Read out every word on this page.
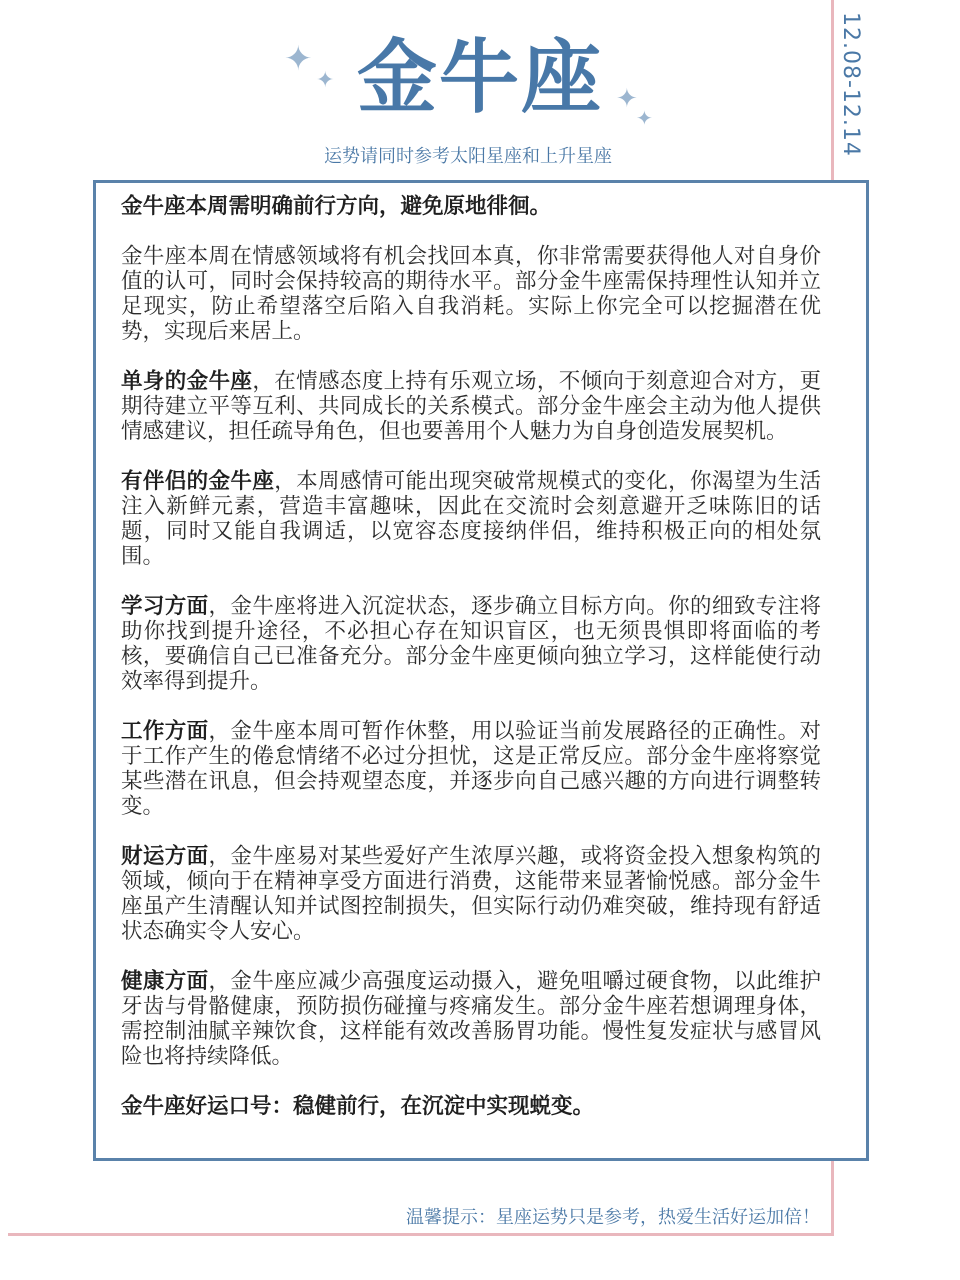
12.08-12.14
✦
✦
✦
✦
金牛座
运势请同时参考太阳星座和上升星座

金牛座本周需明确前行方向，避免原地徘徊。

金牛座本周在情感领域将有机会找回本真，你非常需要获得他人对自身价值的认可，同时会保持较高的期待水平。部分金牛座需保持理性认知并立足现实，防止希望落空后陷入自我消耗。实际上你完全可以挖掘潜在优势，实现后来居上。

单身的金牛座，在情感态度上持有乐观立场，不倾向于刻意迎合对方，更期待建立平等互利、共同成长的关系模式。部分金牛座会主动为他人提供情感建议，担任疏导角色，但也要善用个人魅力为自身创造发展契机。

有伴侣的金牛座，本周感情可能出现突破常规模式的变化，你渴望为生活注入新鲜元素，营造丰富趣味，因此在交流时会刻意避开乏味陈旧的话题，同时又能自我调适，以宽容态度接纳伴侣，维持积极正向的相处氛围。

学习方面，金牛座将进入沉淀状态，逐步确立目标方向。你的细致专注将助你找到提升途径，不必担心存在知识盲区，也无须畏惧即将面临的考核，要确信自己已准备充分。部分金牛座更倾向独立学习，这样能使行动效率得到提升。

工作方面，金牛座本周可暂作休整，用以验证当前发展路径的正确性。对于工作产生的倦怠情绪不必过分担忧，这是正常反应。部分金牛座将察觉某些潜在讯息，但会持观望态度，并逐步向自己感兴趣的方向进行调整转变。

财运方面，金牛座易对某些爱好产生浓厚兴趣，或将资金投入想象构筑的领域，倾向于在精神享受方面进行消费，这能带来显著愉悦感。部分金牛座虽产生清醒认知并试图控制损失，但实际行动仍难突破，维持现有舒适状态确实令人安心。

健康方面，金牛座应减少高强度运动摄入，避免咀嚼过硬食物，以此维护牙齿与骨骼健康，预防损伤碰撞与疼痛发生。部分金牛座若想调理身体，需控制油腻辛辣饮食，这样能有效改善肠胃功能。慢性复发症状与感冒风险也将持续降低。

金牛座好运口号：稳健前行，在沉淀中实现蜕变。

温馨提示：星座运势只是参考，热爱生活好运加倍！
